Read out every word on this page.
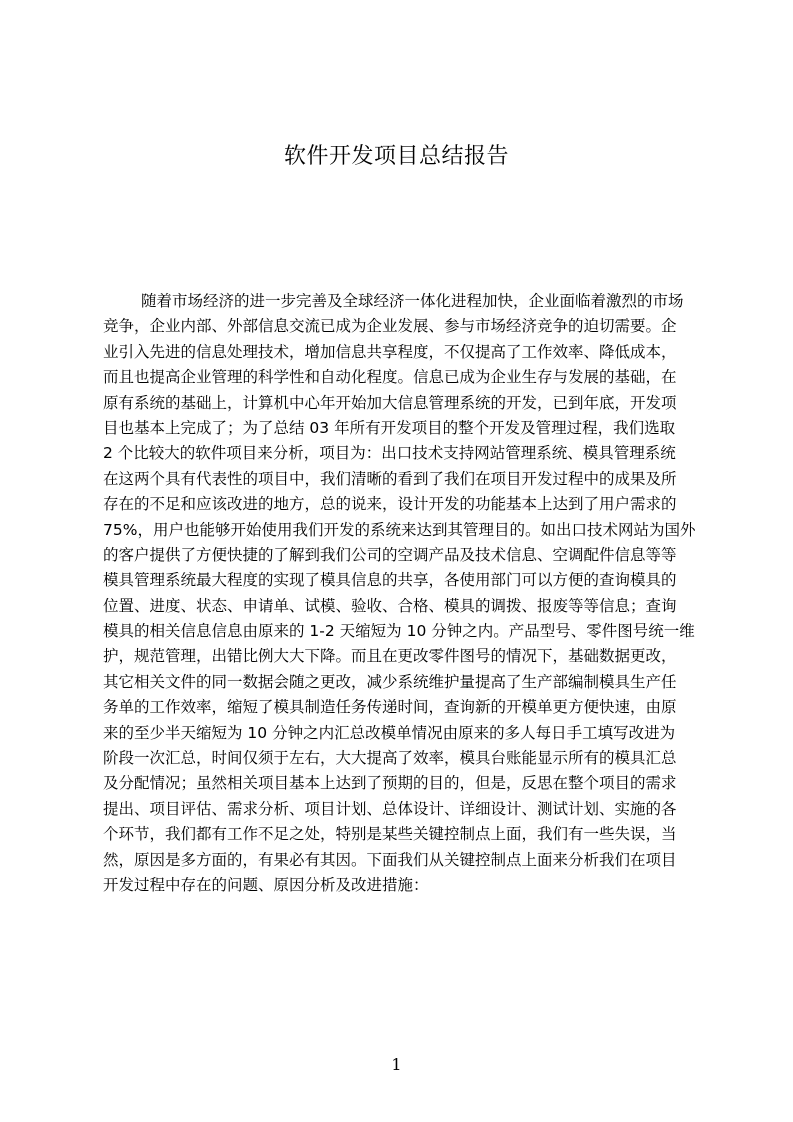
软件开发项目总结报告
随着市场经济的进一步完善及全球经济一体化进程加快，企业面临着激烈的市场
竞争，企业内部、外部信息交流已成为企业发展、参与市场经济竞争的迫切需要。企
业引入先进的信息处理技术，增加信息共享程度，不仅提高了工作效率、降低成本，
而且也提高企业管理的科学性和自动化程度。信息已成为企业生存与发展的基础，在
原有系统的基础上，计算机中心年开始加大信息管理系统的开发，已到年底，开发项
目也基本上完成了；为了总结 03 年所有开发项目的整个开发及管理过程，我们选取
2 个比较大的软件项目来分析，项目为：出口技术支持网站管理系统、模具管理系统
在这两个具有代表性的项目中，我们清晰的看到了我们在项目开发过程中的成果及所
存在的不足和应该改进的地方，总的说来，设计开发的功能基本上达到了用户需求的
75%，用户也能够开始使用我们开发的系统来达到其管理目的。如出口技术网站为国外
的客户提供了方便快捷的了解到我们公司的空调产品及技术信息、空调配件信息等等
模具管理系统最大程度的实现了模具信息的共享，各使用部门可以方便的查询模具的
位置、进度、状态、申请单、试模、验收、合格、模具的调拨、报废等等信息；查询
模具的相关信息信息由原来的 1-2 天缩短为 10 分钟之内。产品型号、零件图号统一维
护，规范管理，出错比例大大下降。而且在更改零件图号的情况下，基础数据更改，
其它相关文件的同一数据会随之更改，减少系统维护量提高了生产部编制模具生产任
务单的工作效率，缩短了模具制造任务传递时间，查询新的开模单更方便快速，由原
来的至少半天缩短为 10 分钟之内汇总改模单情况由原来的多人每日手工填写改进为
阶段一次汇总，时间仅须于左右，大大提高了效率，模具台账能显示所有的模具汇总
及分配情况；虽然相关项目基本上达到了预期的目的，但是，反思在整个项目的需求
提出、项目评估、需求分析、项目计划、总体设计、详细设计、测试计划、实施的各
个环节，我们都有工作不足之处，特别是某些关键控制点上面，我们有一些失误，当
然，原因是多方面的，有果必有其因。下面我们从关键控制点上面来分析我们在项目
开发过程中存在的问题、原因分析及改进措施：
1
